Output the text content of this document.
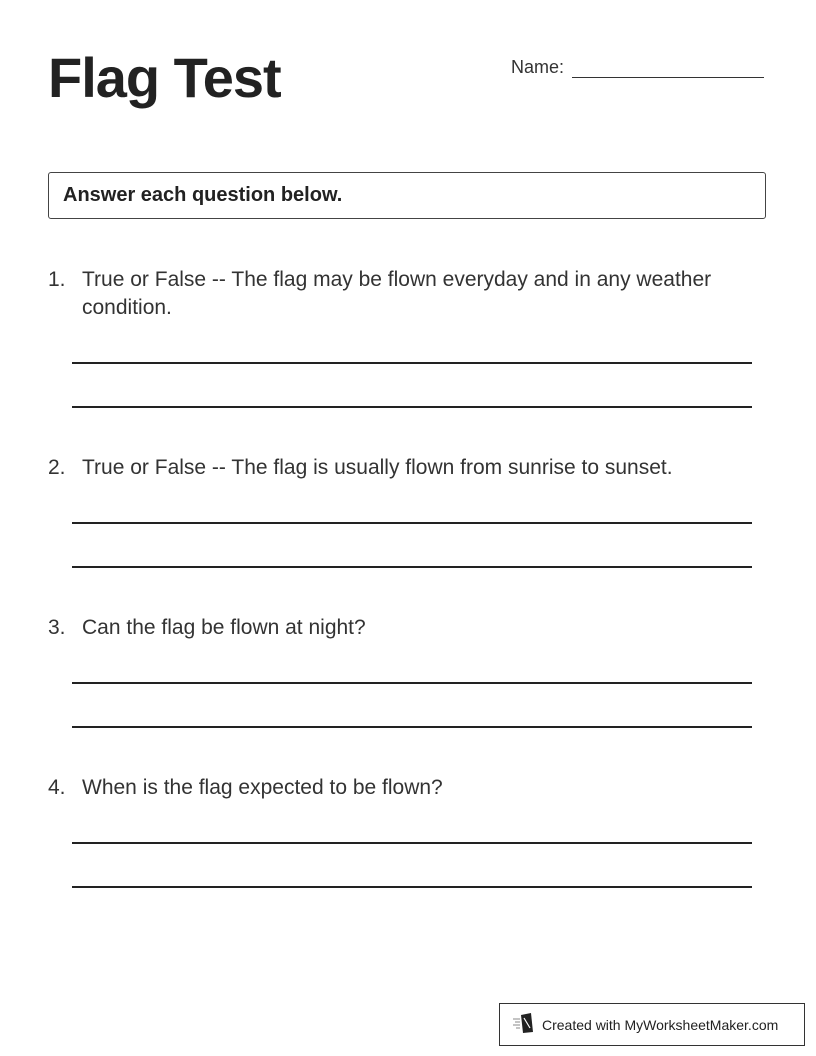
Flag Test	Name:
Answer each question below.
1. True or False -- The flag may be flown everyday and in any weather condition.
2. True or False -- The flag is usually flown from sunrise to sunset.
3. Can the flag be flown at night?
4. When is the flag expected to be flown?
Created with MyWorksheetMaker.com
